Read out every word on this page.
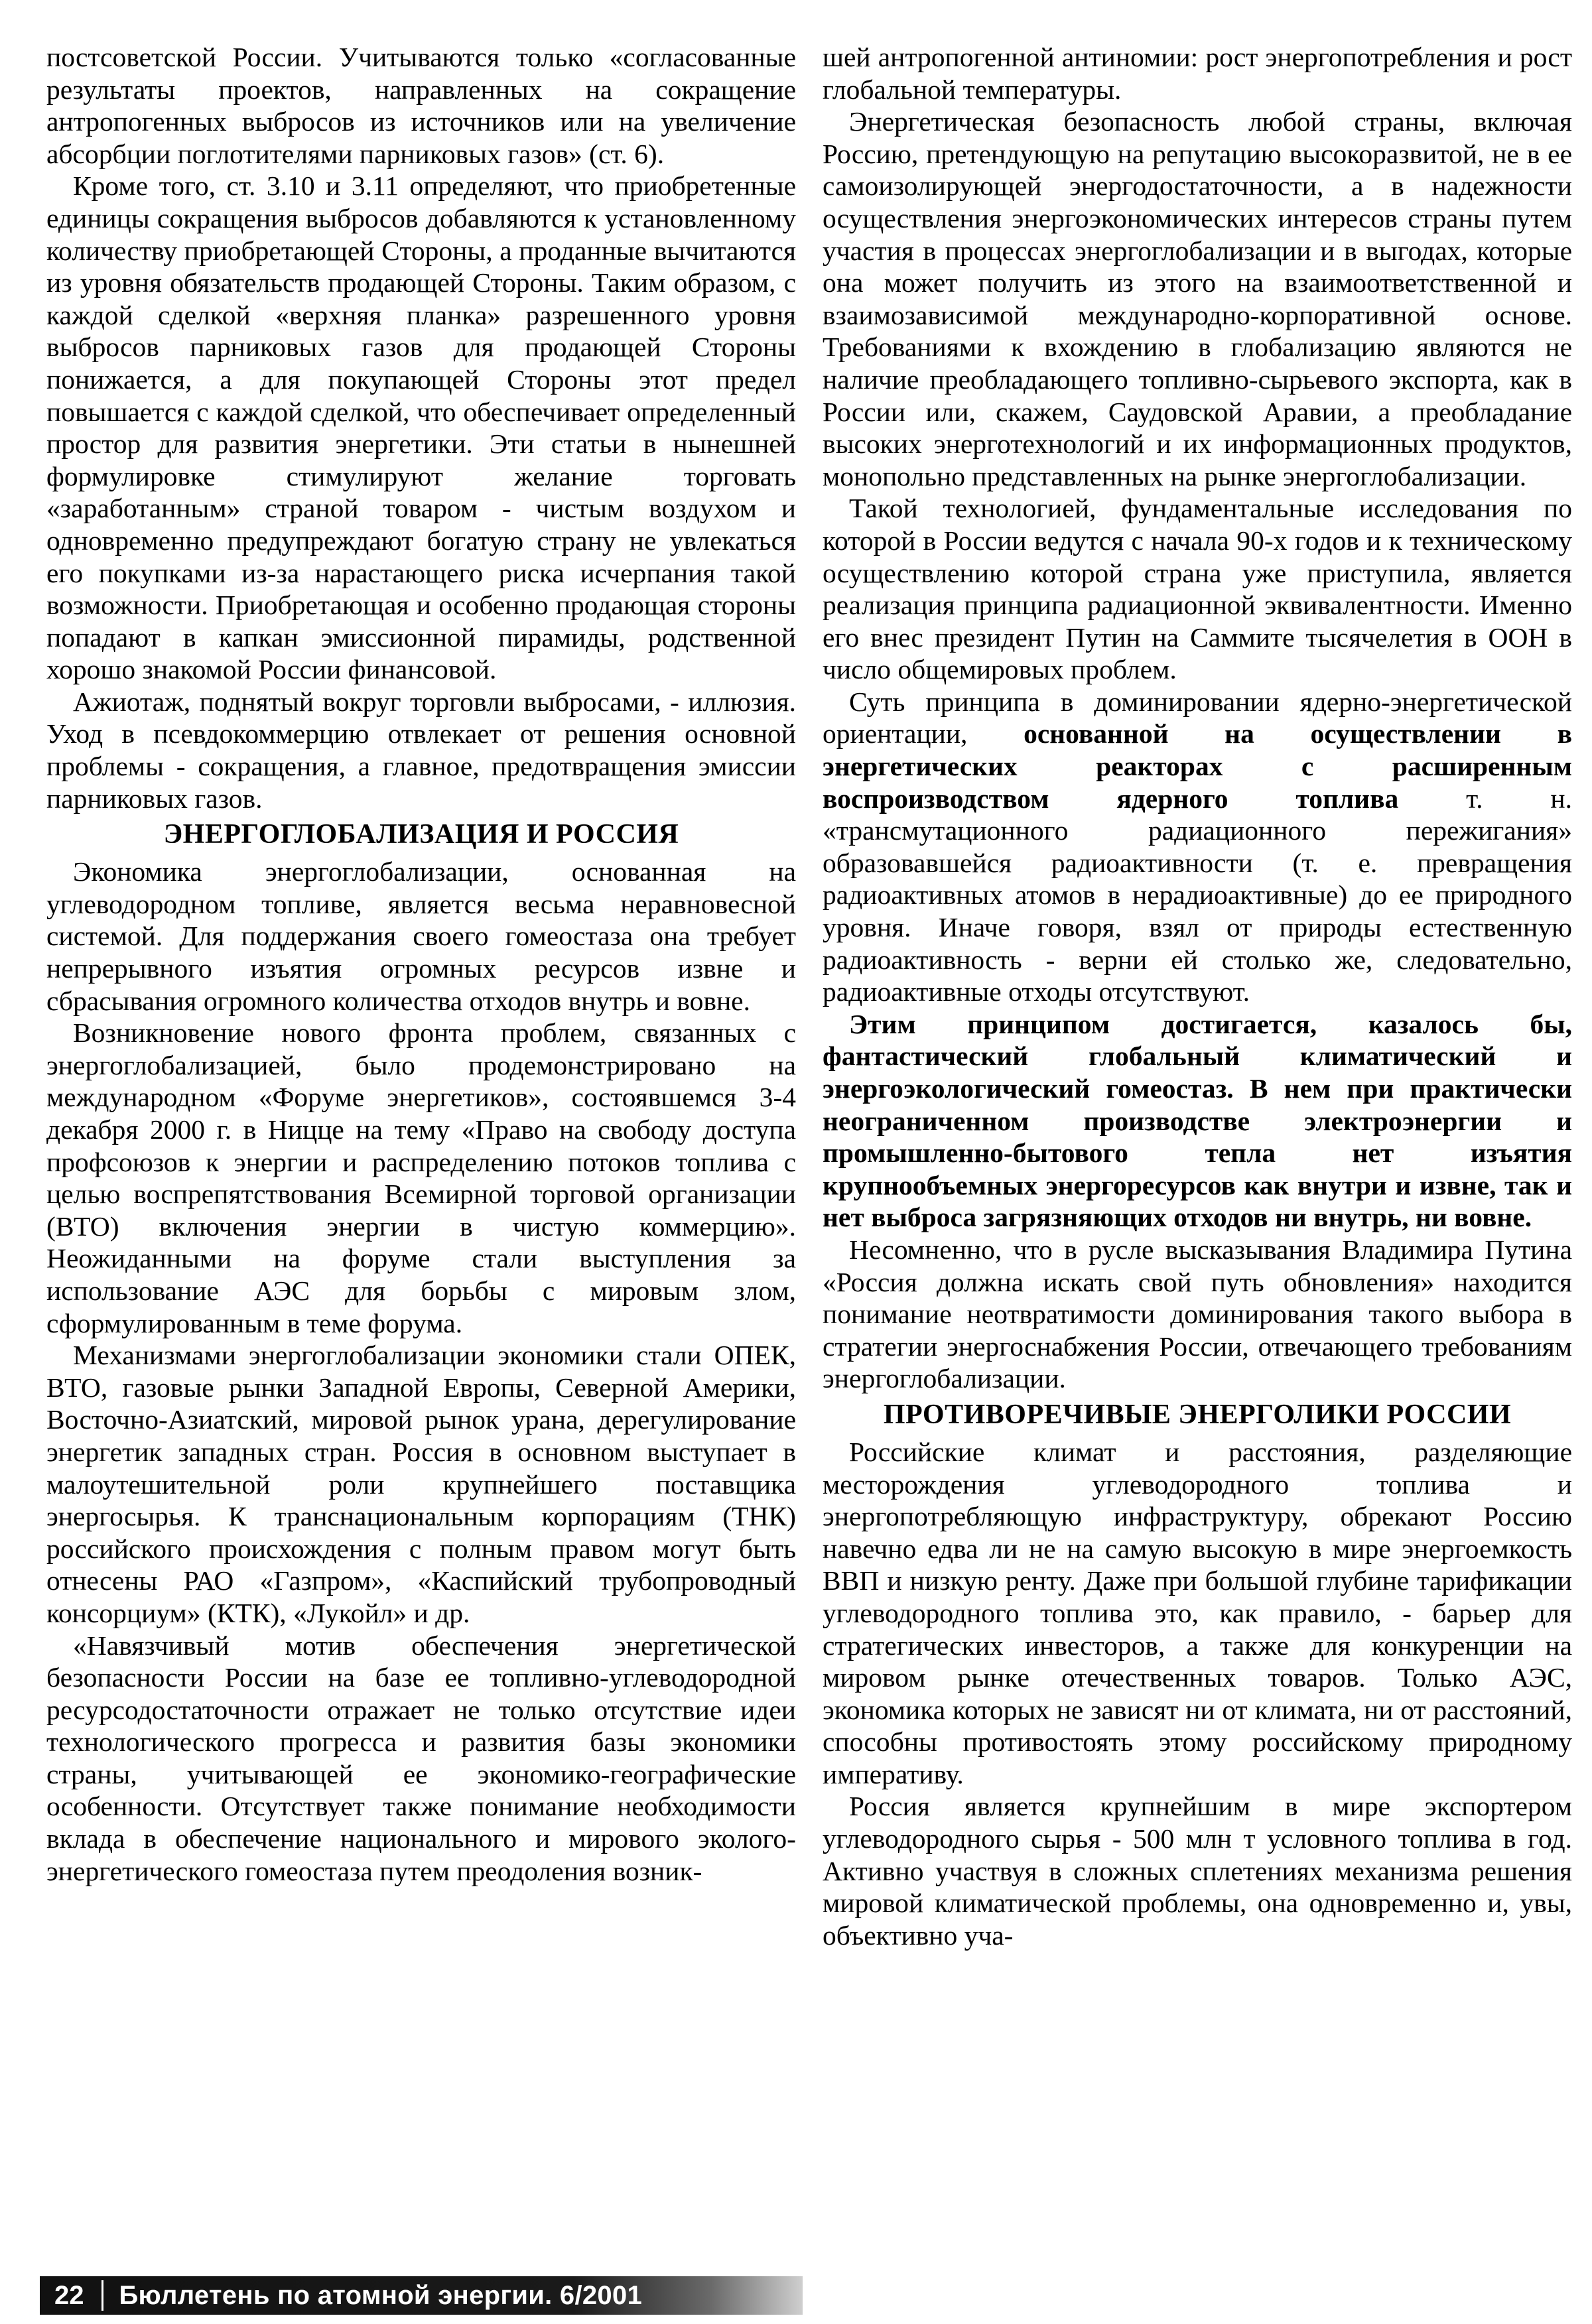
постсоветской России. Учитываются только «согласованные результаты проектов, направленных на сокращение антропогенных выбросов из источников или на увеличение абсорбции поглотителями парниковых газов» (ст. 6).

Кроме того, ст. 3.10 и 3.11 определяют, что приобретенные единицы сокращения выбросов добавляются к установленному количеству приобретающей Стороны, а проданные вычитаются из уровня обязательств продающей Стороны. Таким образом, с каждой сделкой «верхняя планка» разрешенного уровня выбросов парниковых газов для продающей Стороны понижается, а для покупающей Стороны этот предел повышается с каждой сделкой, что обеспечивает определенный простор для развития энергетики. Эти статьи в нынешней формулировке стимулируют желание торговать «заработанным» страной товаром - чистым воздухом и одновременно предупреждают богатую страну не увлекаться его покупками из-за нарастающего риска исчерпания такой возможности. Приобретающая и особенно продающая стороны попадают в капкан эмиссионной пирамиды, родственной хорошо знакомой России финансовой.

Ажиотаж, поднятый вокруг торговли выбросами, - иллюзия. Уход в псевдокоммерцию отвлекает от решения основной проблемы - сокращения, а главное, предотвращения эмиссии парниковых газов.

ЭНЕРГОГЛОБАЛИЗАЦИЯ И РОССИЯ

Экономика энергоглобализации, основанная на углеводородном топливе, является весьма неравновесной системой. Для поддержания своего гомеостаза она требует непрерывного изъятия огромных ресурсов извне и сбрасывания огромного количества отходов внутрь и вовне.

Возникновение нового фронта проблем, связанных с энергоглобализацией, было продемонстрировано на международном «Форуме энергетиков», состоявшемся 3-4 декабря 2000 г. в Ницце на тему «Право на свободу доступа профсоюзов к энергии и распределению потоков топлива с целью воспрепятствования Всемирной торговой организации (ВТО) включения энергии в чистую коммерцию». Неожиданными на форуме стали выступления за использование АЭС для борьбы с мировым злом, сформулированным в теме форума.

Механизмами энергоглобализации экономики стали ОПЕК, ВТО, газовые рынки Западной Европы, Северной Америки, Восточно-Азиатский, мировой рынок урана, дерегулирование энергетик западных стран. Россия в основном выступает в малоутешительной роли крупнейшего поставщика энергосырья. К транснациональным корпорациям (ТНК) российского происхождения с полным правом могут быть отнесены РАО «Газпром», «Каспийский трубопроводный консорциум» (КТК), «Лукойл» и др.

«Навязчивый мотив обеспечения энергетической безопасности России на базе ее топливно-углеводородной ресурсодостаточности отражает не только отсутствие идеи технологического прогресса и развития базы экономики страны, учитывающей ее экономико-географические особенности. Отсутствует также понимание необходимости вклада в обеспечение национального и мирового эколого-энергетического гомеостаза путем преодоления возник-

шей антропогенной антиномии: рост энергопотребления и рост глобальной температуры.

Энергетическая безопасность любой страны, включая Россию, претендующую на репутацию высокоразвитой, не в ее самоизолирующей энергодостаточности, а в надежности осуществления энергоэкономических интересов страны путем участия в процессах энергоглобализации и в выгодах, которые она может получить из этого на взаимоответственной и взаимозависимой международно-корпоративной основе. Требованиями к вхождению в глобализацию являются не наличие преобладающего топливно-сырьевого экспорта, как в России или, скажем, Саудовской Аравии, а преобладание высоких энерготехнологий и их информационных продуктов, монопольно представленных на рынке энергоглобализации.

Такой технологией, фундаментальные исследования по которой в России ведутся с начала 90-х годов и к техническому осуществлению которой страна уже приступила, является реализация принципа радиационной эквивалентности. Именно его внес президент Путин на Саммите тысячелетия в ООН в число общемировых проблем.

Суть принципа в доминировании ядерно-энергетической ориентации, основанной на осуществлении в энергетических реакторах с расширенным воспроизводством ядерного топлива т. н. «трансмутационного радиационного пережигания» образовавшейся радиоактивности (т. е. превращения радиоактивных атомов в нерадиоактивные) до ее природного уровня. Иначе говоря, взял от природы естественную радиоактивность - верни ей столько же, следовательно, радиоактивные отходы отсутствуют.

Этим принципом достигается, казалось бы, фантастический глобальный климатический и энергоэкологический гомеостаз. В нем при практически неограниченном производстве электроэнергии и промышленно-бытового тепла нет изъятия крупнообъемных энергоресурсов как внутри и извне, так и нет выброса загрязняющих отходов ни внутрь, ни вовне.

Несомненно, что в русле высказывания Владимира Путина «Россия должна искать свой путь обновления» находится понимание неотвратимости доминирования такого выбора в стратегии энергоснабжения России, отвечающего требованиям энергоглобализации.

ПРОТИВОРЕЧИВЫЕ ЭНЕРГОЛИКИ РОССИИ

Российские климат и расстояния, разделяющие месторождения углеводородного топлива и энергопотребляющую инфраструктуру, обрекают Россию навечно едва ли не на самую высокую в мире энергоемкость ВВП и низкую ренту. Даже при большой глубине тарификации углеводородного топлива это, как правило, - барьер для стратегических инвесторов, а также для конкуренции на мировом рынке отечественных товаров. Только АЭС, экономика которых не зависят ни от климата, ни от расстояний, способны противостоять этому российскому природному императиву.

Россия является крупнейшим в мире экспортером углеводородного сырья - 500 млн т условного топлива в год. Активно участвуя в сложных сплетениях механизма решения мировой климатической проблемы, она одновременно и, увы, объективно уча-

22	Бюллетень по атомной энергии. 6/2001
